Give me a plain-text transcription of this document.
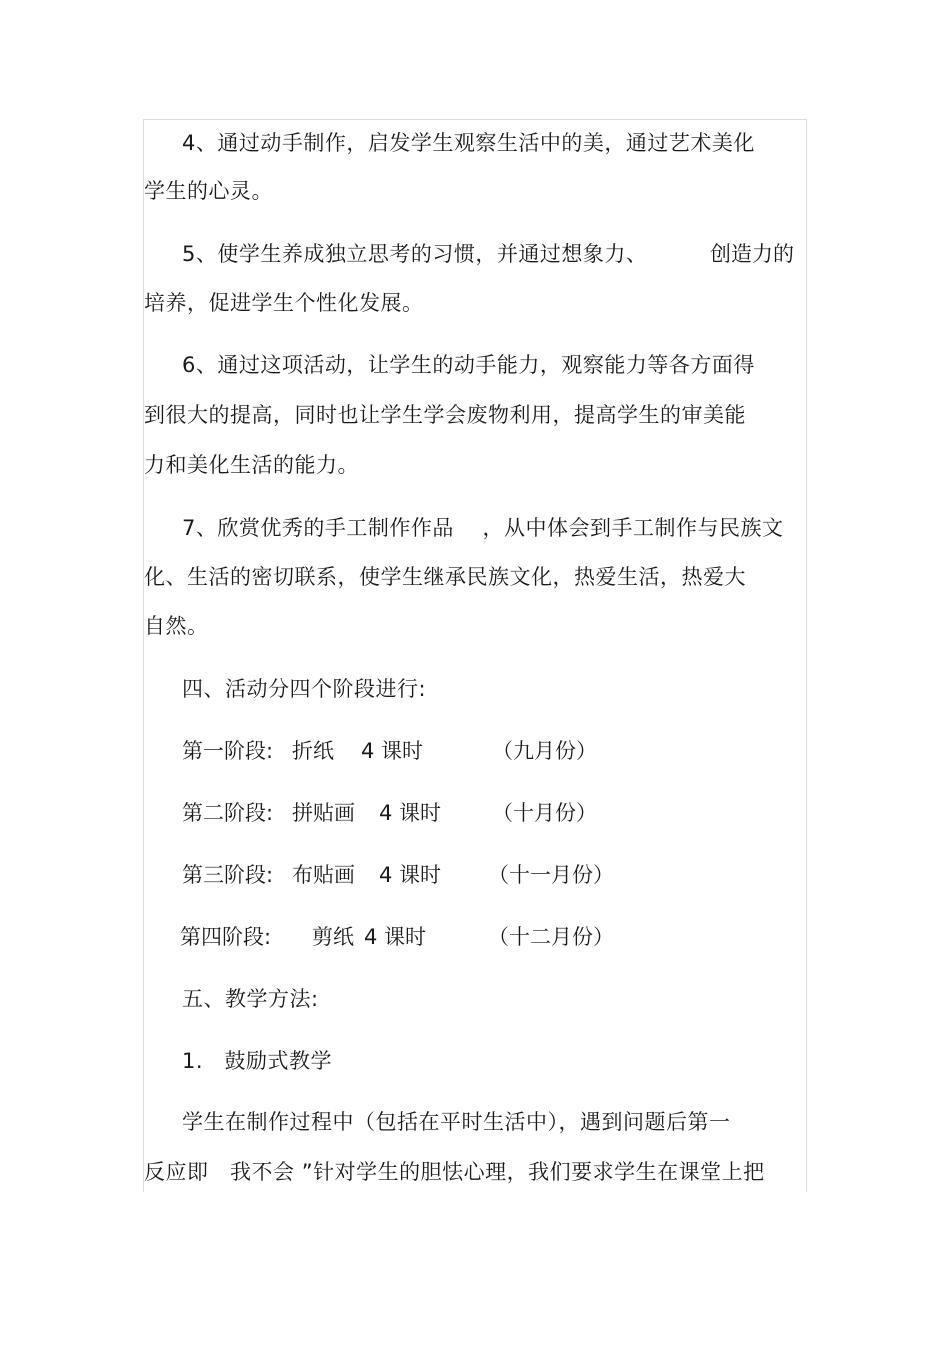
4、通过动手制作，启发学生观察生活中的美，通过艺术美化
学生的心灵。
5、使学生养成独立思考的习惯，并通过想象力、	创造力的
培养，促进学生个性化发展。
6、通过这项活动，让学生的动手能力，观察能力等各方面得
到很大的提高，同时也让学生学会废物利用，提高学生的审美能
力和美化生活的能力。
7、欣赏优秀的手工制作作品    ，从中体会到手工制作与民族文
化、生活的密切联系，使学生继承民族文化，热爱生活，热爱大
自然。
四、活动分四个阶段进行:
第一阶段: 折纸 4 课时	（九月份）
第二阶段: 拼贴画 4 课时 （十月份）
第三阶段: 布贴画 4 课时 （十一月份）
第四阶段: 剪纸 4 课时	（十二月份）
五、教学方法:
1.   鼓励式教学
学生在制作过程中（包括在平时生活中），遇到问题后第一
反应即   我不会 ”针对学生的胆怯心理，我们要求学生在课堂上把
